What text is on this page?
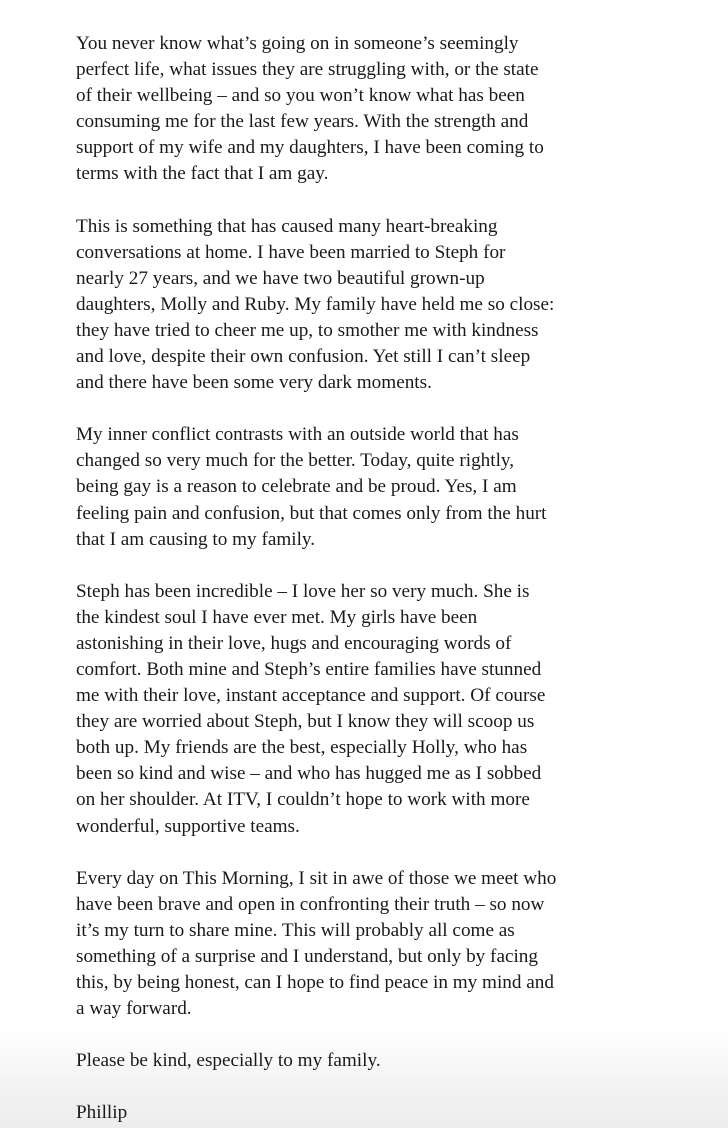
You never know what’s going on in someone’s seemingly
perfect life, what issues they are struggling with, or the state
of their wellbeing – and so you won’t know what has been
consuming me for the last few years. With the strength and
support of my wife and my daughters, I have been coming to
terms with the fact that I am gay.

This is something that has caused many heart-breaking
conversations at home. I have been married to Steph for
nearly 27 years, and we have two beautiful grown-up
daughters, Molly and Ruby. My family have held me so close:
they have tried to cheer me up, to smother me with kindness
and love, despite their own confusion. Yet still I can’t sleep
and there have been some very dark moments.

My inner conflict contrasts with an outside world that has
changed so very much for the better. Today, quite rightly,
being gay is a reason to celebrate and be proud. Yes, I am
feeling pain and confusion, but that comes only from the hurt
that I am causing to my family.

Steph has been incredible – I love her so very much. She is
the kindest soul I have ever met. My girls have been
astonishing in their love, hugs and encouraging words of
comfort. Both mine and Steph’s entire families have stunned
me with their love, instant acceptance and support. Of course
they are worried about Steph, but I know they will scoop us
both up. My friends are the best, especially Holly, who has
been so kind and wise – and who has hugged me as I sobbed
on her shoulder. At ITV, I couldn’t hope to work with more
wonderful, supportive teams.

Every day on This Morning, I sit in awe of those we meet who
have been brave and open in confronting their truth – so now
it’s my turn to share mine. This will probably all come as
something of a surprise and I understand, but only by facing
this, by being honest, can I hope to find peace in my mind and
a way forward.

Please be kind, especially to my family.

Phillip
